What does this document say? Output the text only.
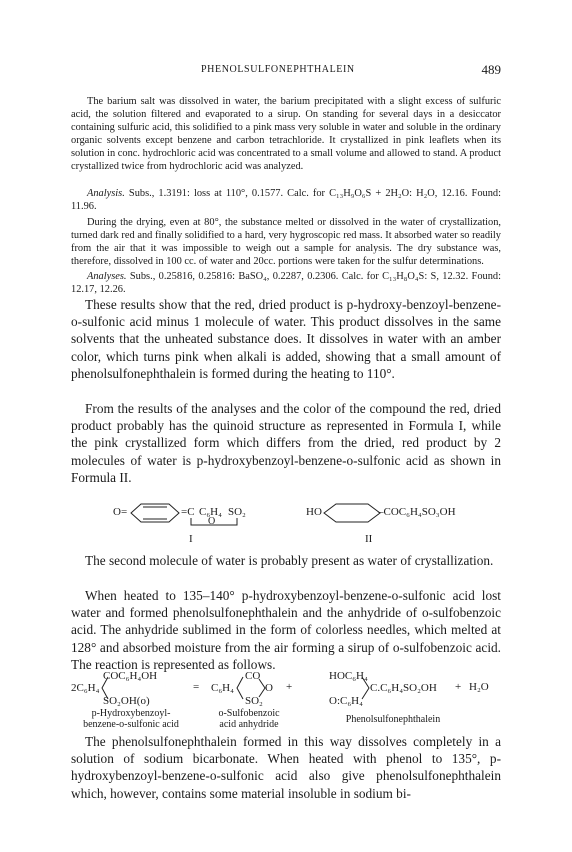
PHENOLSULFONEPHTHALEIN	489

The barium salt was dissolved in water, the barium precipitated with a slight excess of sulfuric acid, the solution filtered and evaporated to a sirup. On standing for several days in a desiccator containing sulfuric acid, this solidified to a pink mass very soluble in water and soluble in the ordinary organic solvents except benzene and carbon tetrachloride. It crystallized in pink leaflets when its solution in conc. hydrochloric acid was concentrated to a small volume and allowed to stand. A product crystallized twice from hydrochloric acid was analyzed.

Analysis. Subs., 1.3191: loss at 110°, 0.1577. Calc. for C₁₃H₉O₆S + 2H₂O: H₂O, 12.16. Found: 11.96.

During the drying, even at 80°, the substance melted or dissolved in the water of crystallization, turned dark red and finally solidified to a hard, very hygroscopic red mass. It absorbed water so readily from the air that it was impossible to weigh out a sample for analysis. The dry substance was, therefore, dissolved in 100 cc. of water and 20cc. portions were taken for the sulfur determinations.

Analyses. Subs., 0.25816, 0.25816: BaSO₄, 0.2287, 0.2306. Calc. for C₁₃H₈O₄S: S, 12.32. Found: 12.17, 12.26.

These results show that the red, dried product is p-hydroxy-benzoyl-benzene-o-sulfonic acid minus 1 molecule of water. This product dissolves in the same solvents that the unheated substance does. It dissolves in water with an amber color, which turns pink when alkali is added, showing that a small amount of phenolsulfonephthalein is formed during the heating to 110°.

From the results of the analyses and the color of the compound the red, dried product probably has the quinoid structure as represented in Formula I, while the pink crystallized form which differs from the dried, red product by 2 molecules of water is p-hydroxybenzoyl-benzene-o-sulfonic acid as shown in Formula II.

O=	=C C₆H₄ SO₂
O
I
HO	–COC₆H₄SO₃OH
II

The second molecule of water is probably present as water of crystallization.

When heated to 135–140° p-hydroxybenzoyl-benzene-o-sulfonic acid lost water and formed phenolsulfonephthalein and the anhydride of o-sulfobenzoic acid. The anhydride sublimed in the form of colorless needles, which melted at 128° and absorbed moisture from the air forming a sirup of o-sulfobenzoic acid. The reaction is represented as follows.

COC₆H₄OH
2C₆H₄
SO₂OH(o)
= C₆H₄
CO
SO₂
O +
HOC₆H₄
C.C₆H₄SO₂OH
O:C₆H₄
+ H₂O
p-Hydroxybenzoyl-
benzene-o-sulfonic acid
o-Sulfobenzoic
acid anhydride	Phenolsulfonephthalein

The phenolsulfonephthalein formed in this way dissolves completely in a solution of sodium bicarbonate. When heated with phenol to 135°, p-hydroxybenzoyl-benzene-o-sulfonic acid also give phenolsulfonephthalein which, however, contains some material insoluble in sodium bi-
